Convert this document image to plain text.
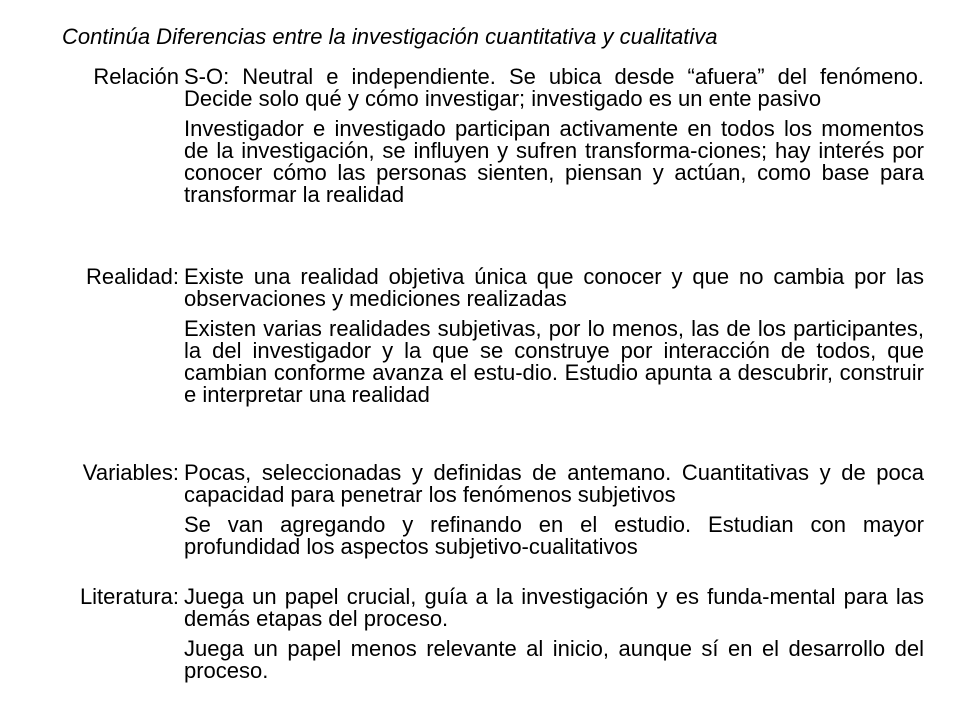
Continúa Diferencias entre la investigación cuantitativa y cualitativa
Relación S-O: Neutral e independiente. Se ubica desde “afuera” del fenómeno. Decide solo qué y cómo investigar; investigado es un ente pasivo

Investigador e investigado participan activamente en todos los momentos de la investigación, se influyen y sufren transforma-ciones; hay interés por conocer cómo las personas sienten, piensan y actúan, como base para transformar la realidad

Realidad: Existe una realidad objetiva única que conocer y que no cambia por las observaciones y mediciones realizadas

Existen varias realidades subjetivas, por lo menos, las de los participantes, la del investigador y la que se construye por interacción de todos, que cambian conforme avanza el estu-dio. Estudio apunta a descubrir, construir e interpretar una realidad

Variables: Pocas, seleccionadas y definidas de antemano. Cuantitativas y de poca capacidad para penetrar los fenómenos subjetivos

Se van agregando y refinando en el estudio. Estudian con mayor profundidad los aspectos subjetivo-cualitativos

Literatura: Juega un papel crucial, guía a la investigación y es funda-mental para las demás etapas del proceso.

Juega un papel menos relevante al inicio, aunque sí en el desarrollo del proceso.
